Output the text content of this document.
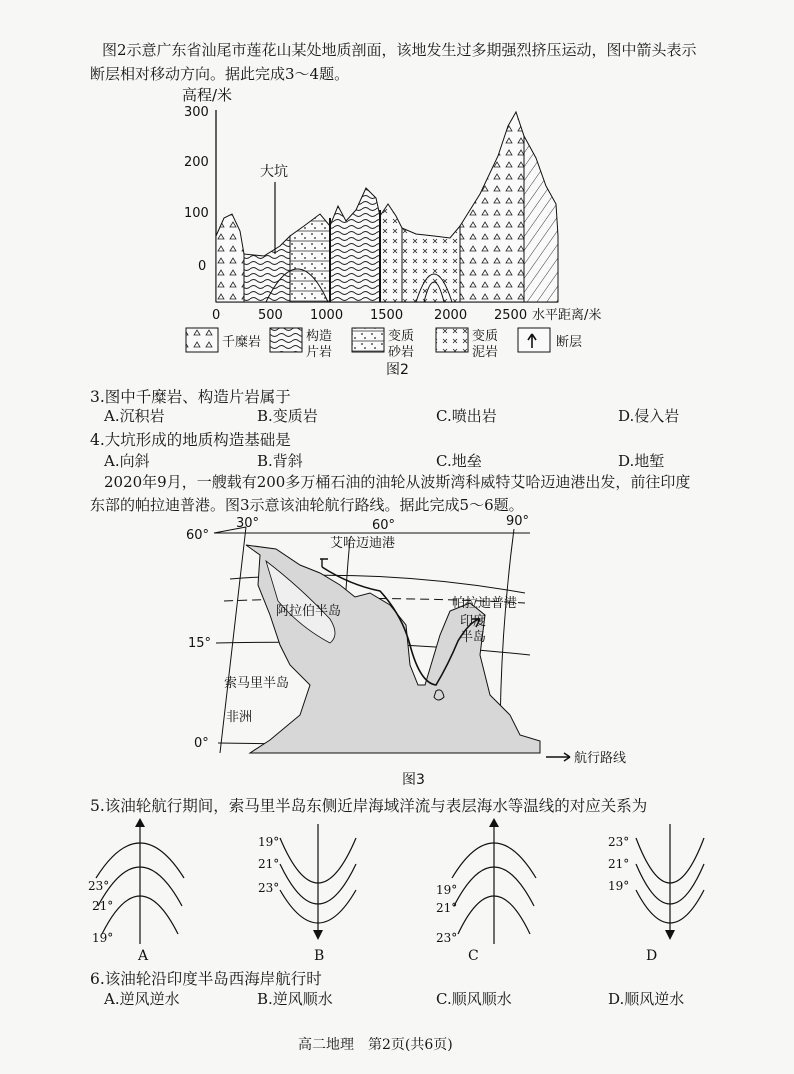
图2示意广东省汕尾市莲花山某处地质剖面，该地发生过多期强烈挤压运动，图中箭头表示
断层相对移动方向。据此完成3～4题。
高程/米
300
200
100
0
大坑
0	500 1000 1500 2000 2500 水平距离/米
千糜岩	构造
片岩
变质
砂岩
变质
泥岩
断层
图2
3.图中千糜岩、构造片岩属于
A.沉积岩	B.变质岩	C.喷出岩	D.侵入岩
4.大坑形成的地质构造基础是
A.向斜	B.背斜	C.地垒	D.地堑
2020年9月，一艘载有200多万桶石油的油轮从波斯湾科威特艾哈迈迪港出发，前往印度
东部的帕拉迪普港。图3示意该油轮航行路线。据此完成5～6题。
30°	60°	90°
60°
15°
0°
艾哈迈迪港
阿拉伯半岛
帕拉迪普港
印度
半岛
索马里半岛
非洲
航行路线
图3
5.该油轮航行期间，索马里半岛东侧近岸海域洋流与表层海水等温线的对应关系为
23°
21°
19°
A
19°
21°
23°
B
19°
21°
23°
C
23°
21°
19°
D
6.该油轮沿印度半岛西海岸航行时
A.逆风逆水	B.逆风顺水	C.顺风顺水	D.顺风逆水
高二地理　第2页(共6页)
